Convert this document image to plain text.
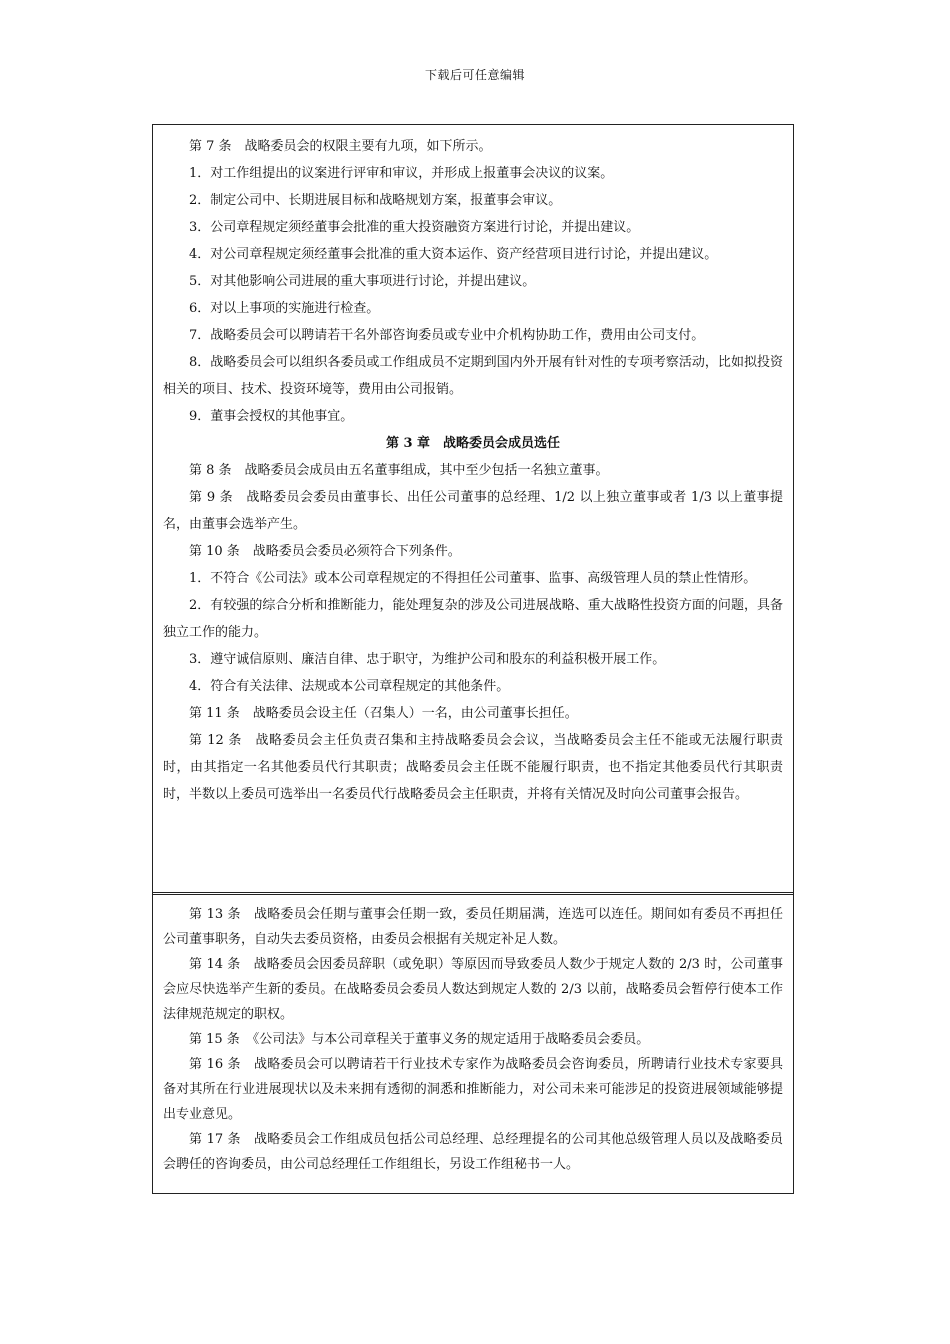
下载后可任意编辑

第 7 条　战略委员会的权限主要有九项，如下所示。

1．对工作组提出的议案进行评审和审议，并形成上报董事会决议的议案。

2．制定公司中、长期进展目标和战略规划方案，报董事会审议。

3．公司章程规定须经董事会批准的重大投资融资方案进行讨论，并提出建议。

4．对公司章程规定须经董事会批准的重大资本运作、资产经营项目进行讨论，并提出建议。

5．对其他影响公司进展的重大事项进行讨论，并提出建议。

6．对以上事项的实施进行检查。

7．战略委员会可以聘请若干名外部咨询委员或专业中介机构协助工作，费用由公司支付。

8．战略委员会可以组织各委员或工作组成员不定期到国内外开展有针对性的专项考察活动，比如拟投资相关的项目、技术、投资环境等，费用由公司报销。

9．董事会授权的其他事宜。

第 3 章　战略委员会成员选任

第 8 条　战略委员会成员由五名董事组成，其中至少包括一名独立董事。

第 9 条　战略委员会委员由董事长、出任公司董事的总经理、1/2 以上独立董事或者 1/3 以上董事提名，由董事会选举产生。

第 10 条　战略委员会委员必须符合下列条件。

1．不符合《公司法》或本公司章程规定的不得担任公司董事、监事、高级管理人员的禁止性情形。

2．有较强的综合分析和推断能力，能处理复杂的涉及公司进展战略、重大战略性投资方面的问题，具备独立工作的能力。

3．遵守诚信原则、廉洁自律、忠于职守，为维护公司和股东的利益积极开展工作。

4．符合有关法律、法规或本公司章程规定的其他条件。

第 11 条　战略委员会设主任（召集人）一名，由公司董事长担任。

第 12 条　战略委员会主任负责召集和主持战略委员会会议，当战略委员会主任不能或无法履行职责时，由其指定一名其他委员代行其职责；战略委员会主任既不能履行职责，也不指定其他委员代行其职责时，半数以上委员可选举出一名委员代行战略委员会主任职责，并将有关情况及时向公司董事会报告。

第 13 条　战略委员会任期与董事会任期一致，委员任期届满，连选可以连任。期间如有委员不再担任公司董事职务，自动失去委员资格，由委员会根据有关规定补足人数。

第 14 条　战略委员会因委员辞职（或免职）等原因而导致委员人数少于规定人数的 2/3 时，公司董事会应尽快选举产生新的委员。在战略委员会委员人数达到规定人数的 2/3 以前，战略委员会暂停行使本工作法律规范规定的职权。

第 15 条　《公司法》与本公司章程关于董事义务的规定适用于战略委员会委员。

第 16 条　战略委员会可以聘请若干行业技术专家作为战略委员会咨询委员，所聘请行业技术专家要具备对其所在行业进展现状以及未来拥有透彻的洞悉和推断能力，对公司未来可能涉足的投资进展领域能够提出专业意见。

第 17 条　战略委员会工作组成员包括公司总经理、总经理提名的公司其他总级管理人员以及战略委员会聘任的咨询委员，由公司总经理任工作组组长，另设工作组秘书一人。
